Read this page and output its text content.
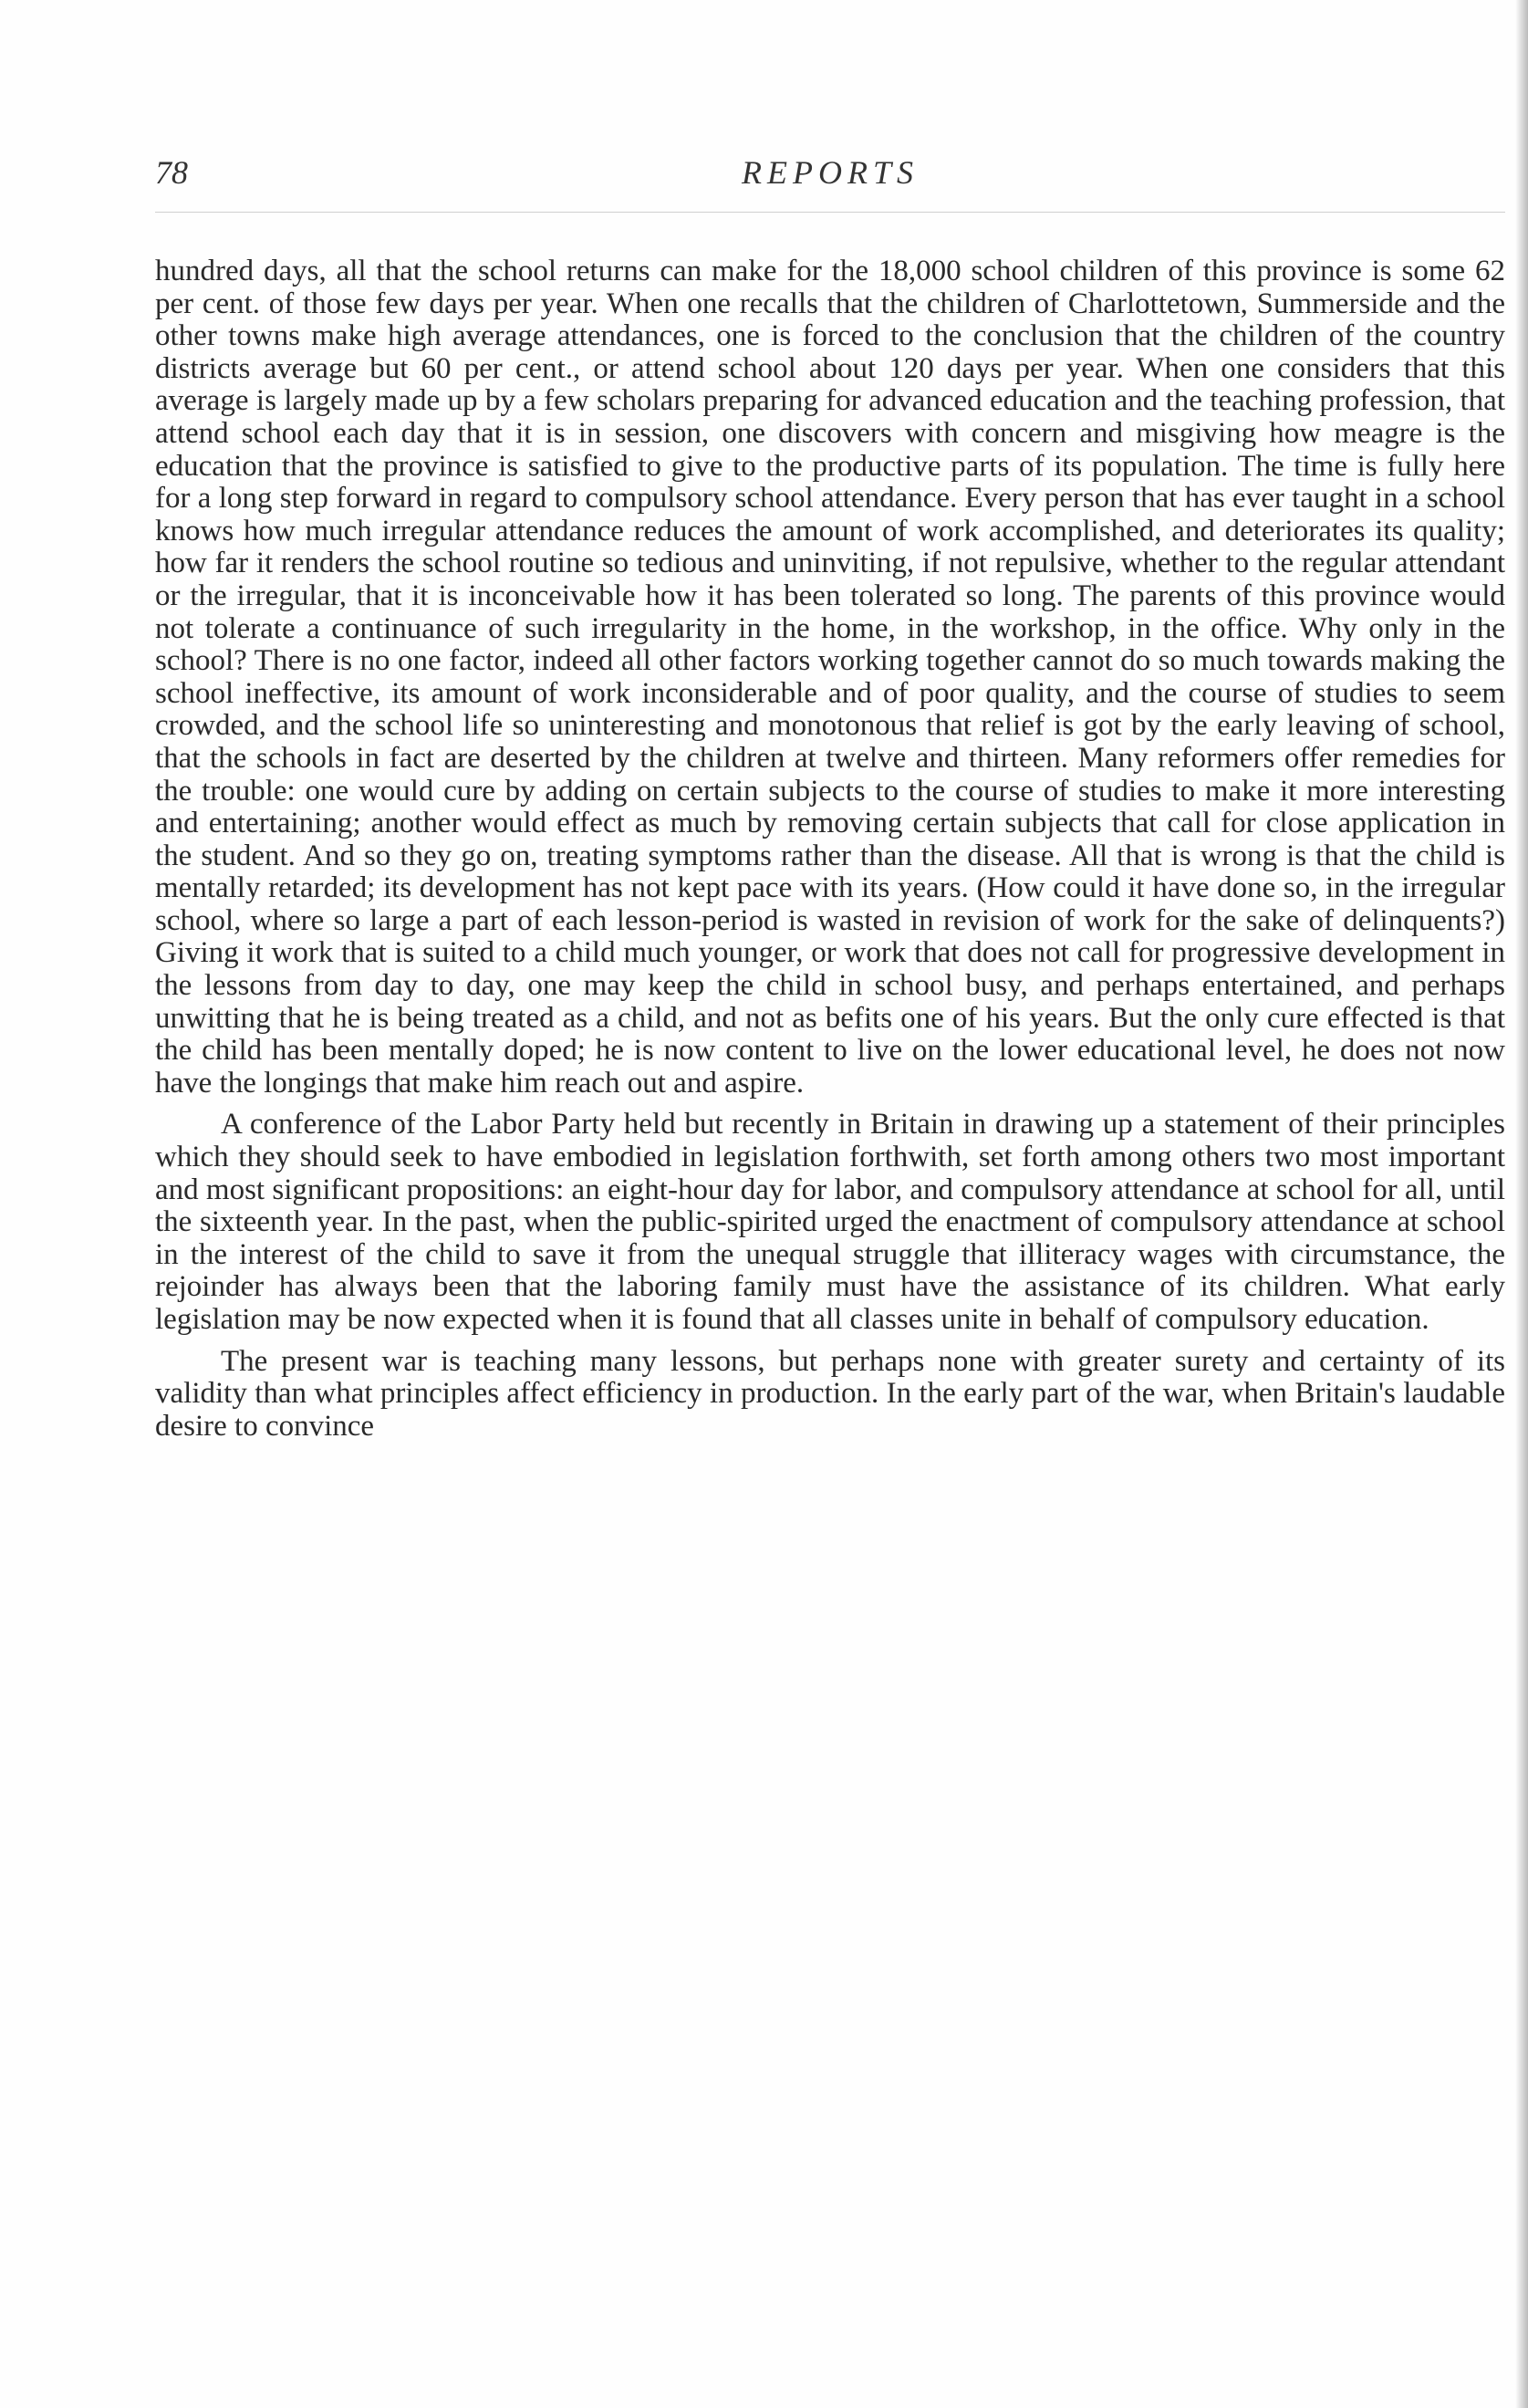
78	REPORTS

hundred days, all that the school returns can make for the 18,000 school children of this province is some 62 per cent. of those few days per year. When one recalls that the children of Charlottetown, Summerside and the other towns make high average attendances, one is forced to the conclusion that the children of the country districts average but 60 per cent., or attend school about 120 days per year. When one considers that this average is largely made up by a few scholars preparing for advanced education and the teaching profession, that attend school each day that it is in session, one discovers with concern and misgiving how meagre is the education that the province is satisfied to give to the productive parts of its population. The time is fully here for a long step forward in regard to compulsory school attendance. Every person that has ever taught in a school knows how much irregular attendance reduces the amount of work accomplished, and deteriorates its quality; how far it renders the school routine so tedious and uninviting, if not repulsive, whether to the regular attendant or the irregular, that it is inconceivable how it has been tolerated so long. The parents of this province would not tolerate a continuance of such irregularity in the home, in the workshop, in the office. Why only in the school? There is no one factor, indeed all other factors working together cannot do so much towards making the school ineffective, its amount of work inconsiderable and of poor quality, and the course of studies to seem crowded, and the school life so uninteresting and monotonous that relief is got by the early leaving of school, that the schools in fact are deserted by the children at twelve and thirteen. Many reformers offer remedies for the trouble: one would cure by adding on certain subjects to the course of studies to make it more interesting and entertaining; another would effect as much by removing certain subjects that call for close application in the student. And so they go on, treating symptoms rather than the disease. All that is wrong is that the child is mentally retarded; its development has not kept pace with its years. (How could it have done so, in the irregular school, where so large a part of each lesson-period is wasted in revision of work for the sake of delinquents?) Giving it work that is suited to a child much younger, or work that does not call for progressive development in the lessons from day to day, one may keep the child in school busy, and perhaps entertained, and perhaps unwitting that he is being treated as a child, and not as befits one of his years. But the only cure effected is that the child has been mentally doped; he is now content to live on the lower educational level, he does not now have the longings that make him reach out and aspire.

A conference of the Labor Party held but recently in Britain in drawing up a statement of their principles which they should seek to have embodied in legislation forthwith, set forth among others two most important and most significant propositions: an eight-hour day for labor, and compulsory attendance at school for all, until the sixteenth year. In the past, when the public-spirited urged the enactment of compulsory attendance at school in the interest of the child to save it from the unequal struggle that illiteracy wages with circumstance, the rejoinder has always been that the laboring family must have the assistance of its children. What early legislation may be now expected when it is found that all classes unite in behalf of compulsory education.

The present war is teaching many lessons, but perhaps none with greater surety and certainty of its validity than what principles affect efficiency in production. In the early part of the war, when Britain's laudable desire to convince
